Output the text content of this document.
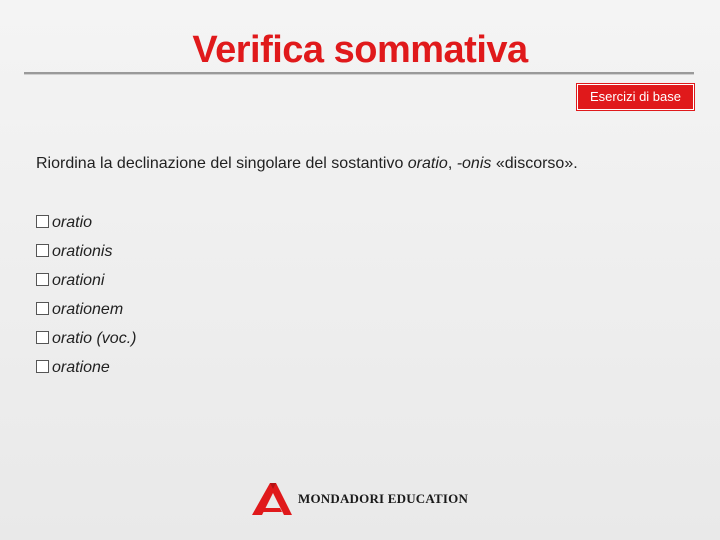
Verifica sommativa
Esercizi di base
Riordina la declinazione del singolare del sostantivo oratio, -onis «discorso».
oratio
orationis
orationi
orationem
oratio (voc.)
oratione
MONDADORI EDUCATION
